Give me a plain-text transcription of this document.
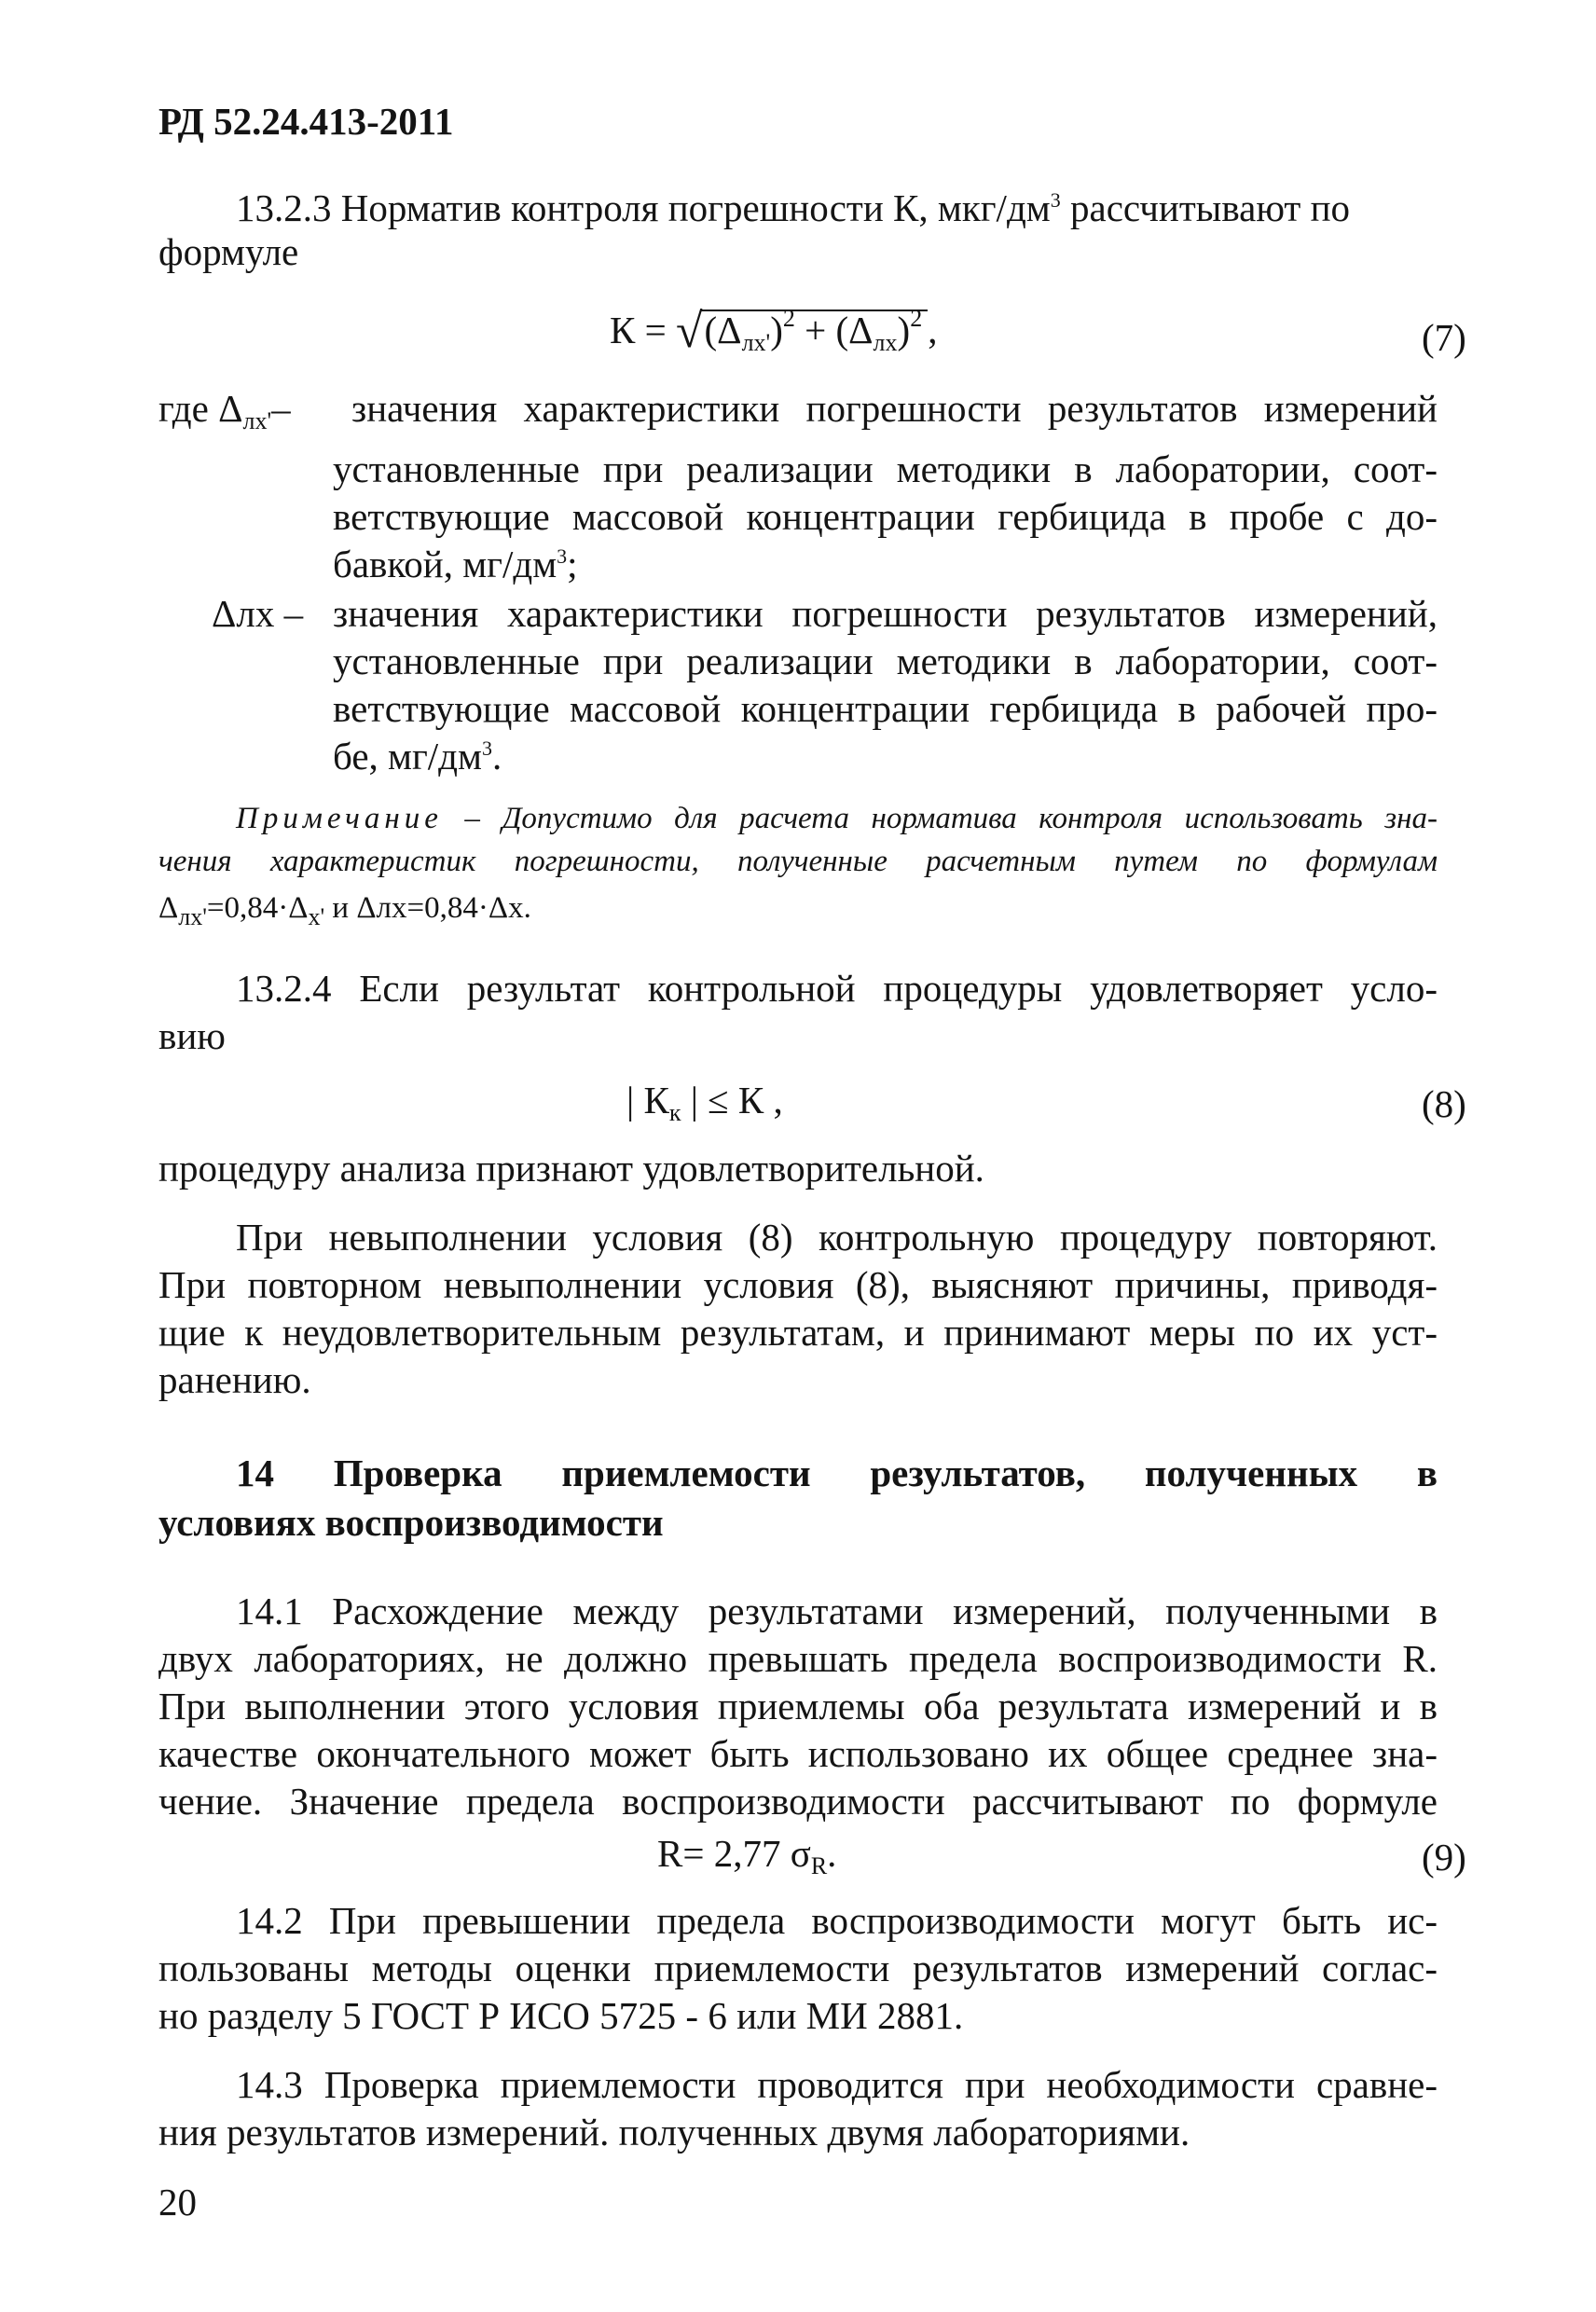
РД 52.24.413-2011
13.2.3 Норматив контроля погрешности К, мкг/$дм^3$ рассчитывают по
формуле
$К = √(\Delta лх')^2 + (\Delta лх)^2$ ,	(7)
где Δлх'– значения характеристики погрешности результатов измерений
установленные при реализации методики в лаборатории, соот-
ветствующие массовой концентрации гербицида в пробе с до-
бавкой, $мг/дм^3$;
Δлх – значения характеристики погрешности результатов измерений,
установленные при реализации методики в лаборатории, соот-
ветствующие массовой концентрации гербицида в рабочей про-
бе, $мг/дм^3$.
Примечание – Допустимо для расчета норматива контроля использовать зна-
чения характеристик погрешности, полученные расчетным путем по формулам
$\Delta_{лх'}=0,84\cdot\Delta_{х'}$ и Δлх=0,84·Δх.
13.2.4 Если результат контрольной процедуры удовлетворяет усло-
вию
| Кк | ≤ К ,	(8)
процедуру анализа признают удовлетворительной.
При невыполнении условия (8) контрольную процедуру повторяют.
При повторном невыполнении условия (8), выясняют причины, приводя-
щие к неудовлетворительным результатам, и принимают меры по их уст-
ранению.
14 Проверка приемлемости результатов, полученных в
условиях воспроизводимости
14.1 Расхождение между результатами измерений, полученными в
двух лабораториях, не должно превышать предела воспроизводимости R.
При выполнении этого условия приемлемы оба результата измерений и в
качестве окончательного может быть использовано их общее среднее зна-
чение. Значение предела воспроизводимости рассчитывают по формуле
R= 2,77 σR.	(9)
14.2 При превышении предела воспроизводимости могут быть ис-
пользованы методы оценки приемлемости результатов измерений соглас-
но разделу 5 ГОСТ Р ИСО 5725 - 6 или МИ 2881.
14.3 Проверка приемлемости проводится при необходимости сравне-
ния результатов измерений. полученных двумя лабораториями.
20
